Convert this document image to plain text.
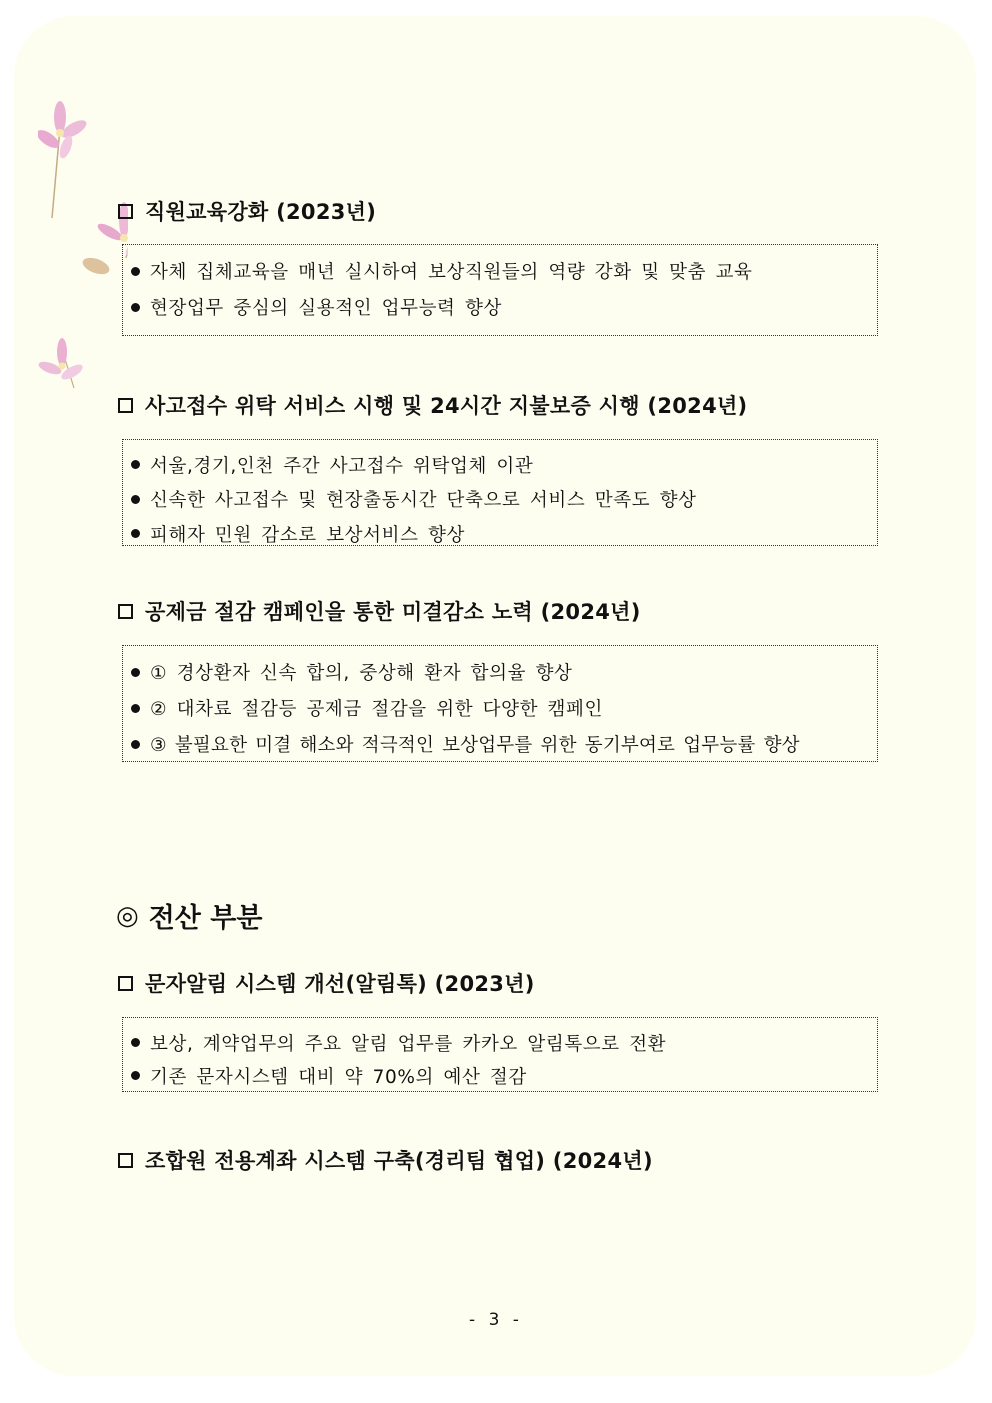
직원교육강화 (2023년)
자체 집체교육을 매년 실시하여 보상직원들의 역량 강화 및 맞춤 교육
현장업무 중심의 실용적인 업무능력 향상
사고접수 위탁 서비스 시행 및 24시간 지불보증 시행 (2024년)
서울,경기,인천 주간 사고접수 위탁업체 이관
신속한 사고접수 및 현장출동시간 단축으로 서비스 만족도 향상
피해자 민원 감소로 보상서비스 향상
공제금 절감 캠페인을 통한 미결감소 노력 (2024년)
① 경상환자 신속 합의, 중상해 환자 합의율 향상
② 대차료 절감등 공제금 절감을 위한 다양한 캠페인
③ 불필요한 미결 해소와 적극적인 보상업무를 위한 동기부여로 업무능률 향상
◎ 전산 부분
문자알림 시스템 개선(알림톡) (2023년)
보상, 계약업무의 주요 알림 업무를 카카오 알림톡으로 전환
기존 문자시스템 대비 약 70%의 예산 절감
조합원 전용계좌 시스템 구축(경리팀 협업) (2024년)
- 3 -
